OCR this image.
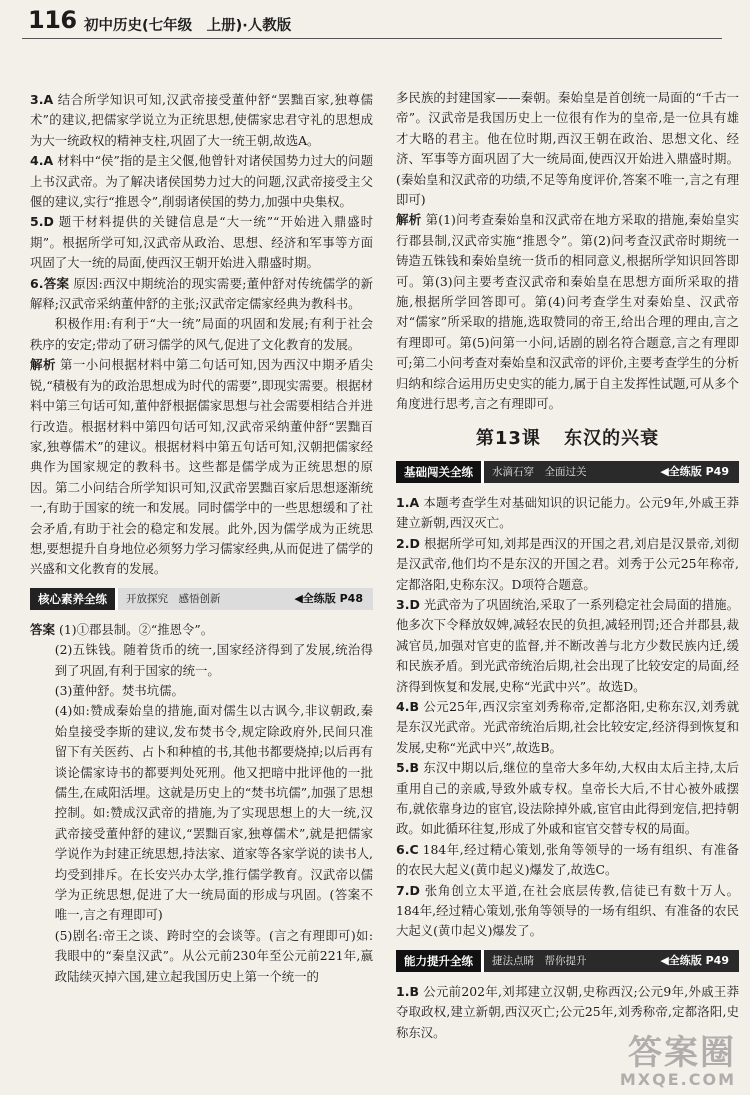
116 初中历史(七年级　上册)·人教版

3.A 结合所学知识可知,汉武帝接受董仲舒“罢黜百家,独尊儒术”的建议,把儒家学说立为正统思想,使儒家忠君守礼的思想成为大一统政权的精神支柱,巩固了大一统王朝,故选A。

4.A 材料中“侯”指的是主父偃,他曾针对诸侯国势力过大的问题上书汉武帝。为了解决诸侯国势力过大的问题,汉武帝接受主父偃的建议,实行“推恩令”,削弱诸侯国的势力,加强中央集权。

5.D 题干材料提供的关键信息是“大一统”“开始进入鼎盛时期”。根据所学可知,汉武帝从政治、思想、经济和军事等方面巩固了大一统的局面,使西汉王朝开始进入鼎盛时期。

6.答案 原因:西汉中期统治的现实需要;董仲舒对传统儒学的新解释;汉武帝采纳董仲舒的主张;汉武帝定儒家经典为教科书。

积极作用:有利于“大一统”局面的巩固和发展;有利于社会秩序的安定;带动了研习儒学的风气,促进了文化教育的发展。

解析 第一小问根据材料中第二句话可知,因为西汉中期矛盾尖锐,“積极有为的政治思想成为时代的需要”,即现实需要。根据材料中第三句话可知,董仲舒根据儒家思想与社会需要相结合并进行改造。根据材料中第四句话可知,汉武帝采纳董仲舒“罢黜百家,独尊儒术”的建议。根据材料中第五句话可知,汉朝把儒家经典作为国家规定的教科书。这些都是儒学成为正统思想的原因。第二小问结合所学知识可知,汉武帝罢黜百家后思想逐渐统一,有助于国家的统一和发展。同时儒学中的一些思想缓和了社会矛盾,有助于社会的稳定和发展。此外,因为儒学成为正统思想,要想提升自身地位必须努力学习儒家经典,从而促进了儒学的兴盛和文化教育的发展。

核心素养全练	开放探究　感悟创新	◀全练版 P48

答案 (1)①郡县制。②“推恩令”。

(2)五铢钱。随着货币的统一,国家经济得到了发展,统治得到了巩固,有利于国家的统一。

(3)董仲舒。焚书坑儒。

(4)如:赞成秦始皇的措施,面对儒生以古讽今,非议朝政,秦始皇接受李斯的建议,发布焚书令,规定除政府外,民间只准留下有关医药、占卜和种植的书,其他书都要烧掉;以后再有谈论儒家诗书的都要判处死刑。他又把暗中批评他的一批儒生,在咸阳活埋。这就是历史上的“焚书坑儒”,加强了思想控制。如:赞成汉武帝的措施,为了实现思想上的大一统,汉武帝接受董仲舒的建议,“罢黜百家,独尊儒术”,就是把儒家学说作为封建正统思想,持法家、道家等各家学说的读书人,均受到排斥。在长安兴办太学,推行儒学教育。汉武帝以儒学为正统思想,促进了大一统局面的形成与巩固。(答案不唯一,言之有理即可)

(5)剧名:帝王之谈、跨时空的会谈等。(言之有理即可)如:我眼中的“秦皇汉武”。从公元前230年至公元前221年,嬴政陆续灭掉六国,建立起我国历史上第一个统一的

多民族的封建国家——秦朝。秦始皇是首创统一局面的“千古一帝”。汉武帝是我国历史上一位很有作为的皇帝,是一位具有雄才大略的君主。他在位时期,西汉王朝在政治、思想文化、经济、军事等方面巩固了大一统局面,使西汉开始进入鼎盛时期。(秦始皇和汉武帝的功绩,不足等角度评价,答案不唯一,言之有理即可)

解析 第(1)问考查秦始皇和汉武帝在地方采取的措施,秦始皇实行郡县制,汉武帝实施“推恩令”。第(2)问考查汉武帝时期统一铸造五铢钱和秦始皇统一货币的相同意义,根据所学知识回答即可。第(3)问主要考查汉武帝和秦始皇在思想方面所采取的措施,根据所学回答即可。第(4)问考查学生对秦始皇、汉武帝对“儒家”所采取的措施,选取赞同的帝王,给出合理的理由,言之有理即可。第(5)问第一小问,话剧的剧名符合题意,言之有理即可;第二小问考查对秦始皇和汉武帝的评价,主要考查学生的分析归纳和综合运用历史史实的能力,属于自主发挥性试题,可从多个角度进行思考,言之有理即可。

第13课 东汉的兴衰
基础闯关全练	水滴石穿　全面过关	◀全练版 P49

1.A 本题考查学生对基础知识的识记能力。公元9年,外戚王莽建立新朝,西汉灭亡。

2.D 根据所学可知,刘邦是西汉的开国之君,刘启是汉景帝,刘彻是汉武帝,他们均不是东汉的开国之君。刘秀于公元25年称帝,定都洛阳,史称东汉。D项符合题意。

3.D 光武帝为了巩固统治,采取了一系列稳定社会局面的措施。他多次下令释放奴婢,减轻农民的负担,减轻刑罚;还合并郡县,裁减官员,加强对官吏的监督,并不断改善与北方少数民族内迁,缓和民族矛盾。到光武帝统治后期,社会出现了比较安定的局面,经济得到恢复和发展,史称“光武中兴”。故选D。

4.B 公元25年,西汉宗室刘秀称帝,定都洛阳,史称东汉,刘秀就是东汉光武帝。光武帝统治后期,社会比较安定,经济得到恢复和发展,史称“光武中兴”,故选B。

5.B 东汉中期以后,继位的皇帝大多年幼,大权由太后主持,太后重用自己的亲戚,导致外戚专权。皇帝长大后,不甘心被外戚摆布,就依靠身边的宦官,设法除掉外戚,宦官由此得到宠信,把持朝政。如此循环往复,形成了外戚和宦官交替专权的局面。

6.C 184年,经过精心策划,张角等领导的一场有组织、有准备的农民大起义(黄巾起义)爆发了,故选C。

7.D 张角创立太平道,在社会底层传教,信徒已有数十万人。184年,经过精心策划,张角等领导的一场有组织、有准备的农民大起义(黄巾起义)爆发了。

能力提升全练	捷法点睛　帮你提升	◀全练版 P49

1.B 公元前202年,刘邦建立汉朝,史称西汉;公元9年,外戚王莽夺取政权,建立新朝,西汉灭亡;公元25年,刘秀称帝,定都洛阳,史称东汉。

答案圈
MXQE.COM
